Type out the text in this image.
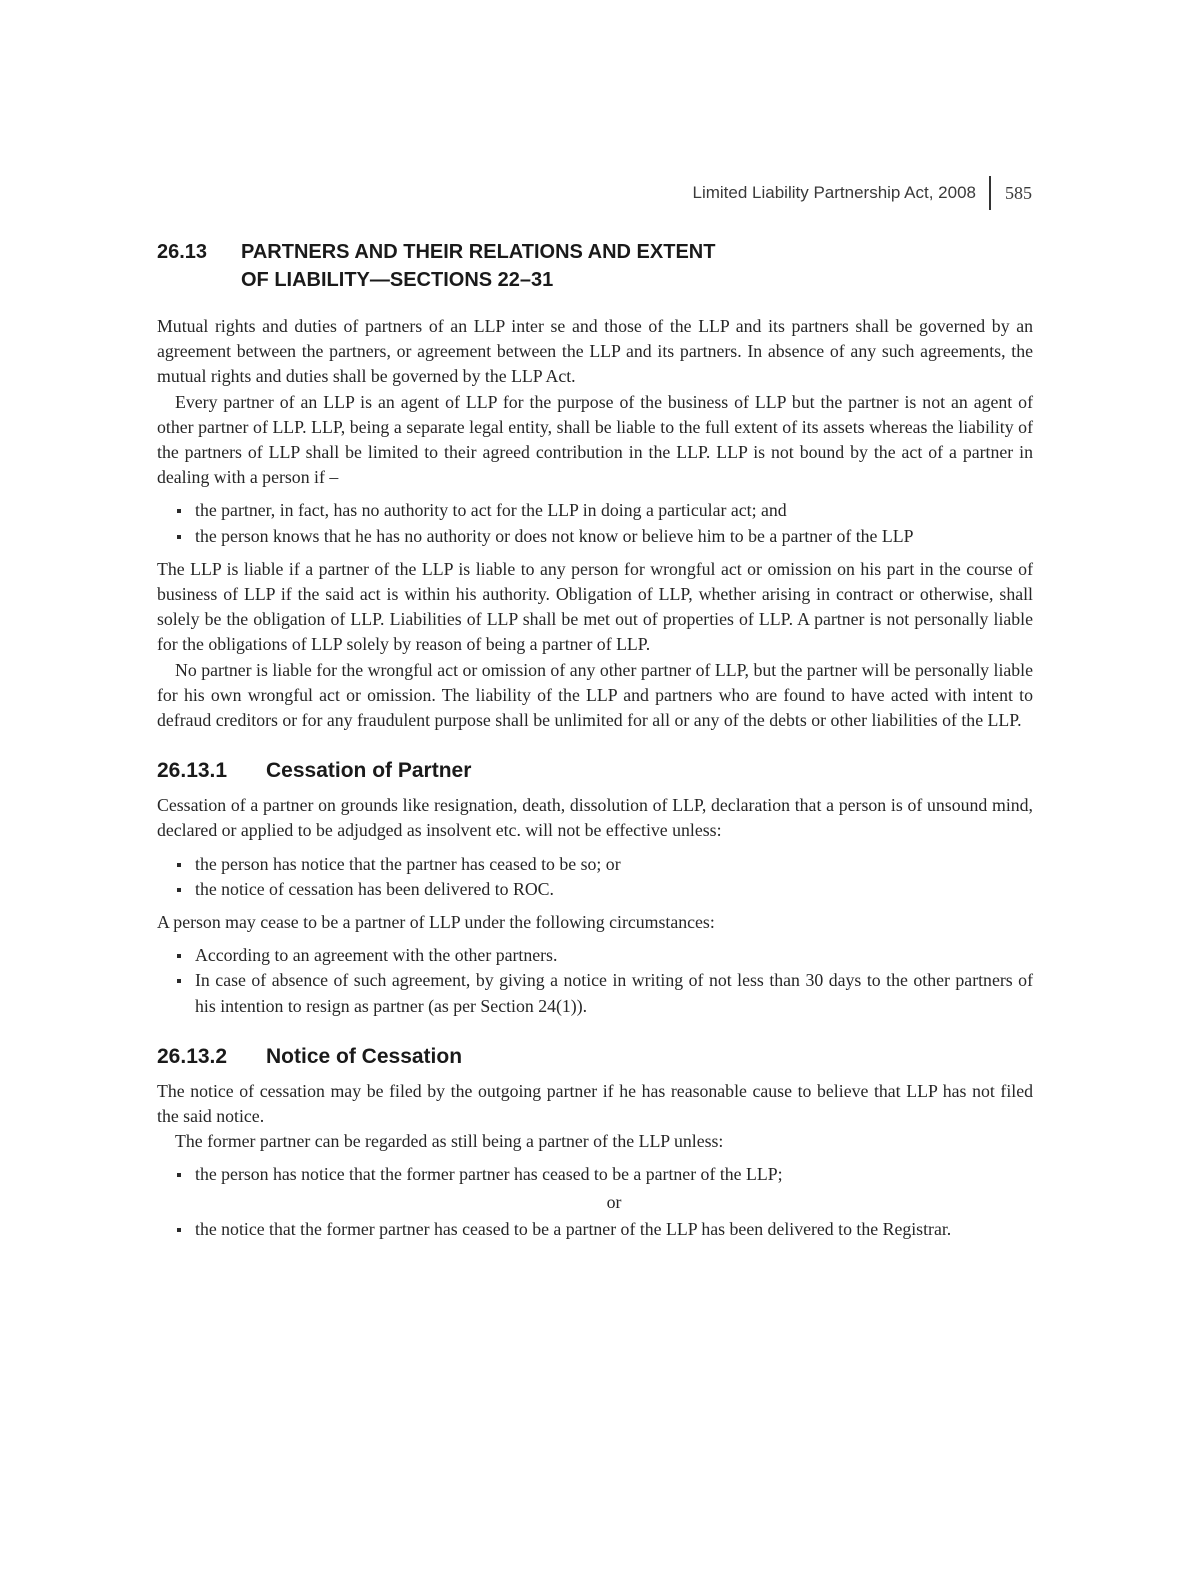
Limited Liability Partnership Act, 2008	585
26.13	PARTNERS AND THEIR RELATIONS AND EXTENT
OF LIABILITY—SECTIONS 22–31

Mutual rights and duties of partners of an LLP inter se and those of the LLP and its partners shall be governed by an agreement between the partners, or agreement between the LLP and its partners. In absence of any such agreements, the mutual rights and duties shall be governed by the LLP Act.

Every partner of an LLP is an agent of LLP for the purpose of the business of LLP but the partner is not an agent of other partner of LLP. LLP, being a separate legal entity, shall be liable to the full extent of its assets whereas the liability of the partners of LLP shall be limited to their agreed contribution in the LLP. LLP is not bound by the act of a partner in dealing with a person if –

the partner, in fact, has no authority to act for the LLP in doing a particular act; and
the person knows that he has no authority or does not know or believe him to be a partner of the LLP

The LLP is liable if a partner of the LLP is liable to any person for wrongful act or omission on his part in the course of business of LLP if the said act is within his authority. Obligation of LLP, whether arising in contract or otherwise, shall solely be the obligation of LLP. Liabilities of LLP shall be met out of properties of LLP. A partner is not personally liable for the obligations of LLP solely by reason of being a partner of LLP.

No partner is liable for the wrongful act or omission of any other partner of LLP, but the partner will be personally liable for his own wrongful act or omission. The liability of the LLP and partners who are found to have acted with intent to defraud creditors or for any fraudulent purpose shall be unlimited for all or any of the debts or other liabilities of the LLP.

26.13.1	Cessation of Partner

Cessation of a partner on grounds like resignation, death, dissolution of LLP, declaration that a person is of unsound mind, declared or applied to be adjudged as insolvent etc. will not be effective unless:

the person has notice that the partner has ceased to be so; or
the notice of cessation has been delivered to ROC.

A person may cease to be a partner of LLP under the following circumstances:

According to an agreement with the other partners.
In case of absence of such agreement, by giving a notice in writing of not less than 30 days to the other partners of his intention to resign as partner (as per Section 24(1)).
26.13.2	Notice of Cessation

The notice of cessation may be filed by the outgoing partner if he has reasonable cause to believe that LLP has not filed the said notice.

The former partner can be regarded as still being a partner of the LLP unless:

the person has notice that the former partner has ceased to be a partner of the LLP;
or
the notice that the former partner has ceased to be a partner of the LLP has been delivered to the Registrar.
